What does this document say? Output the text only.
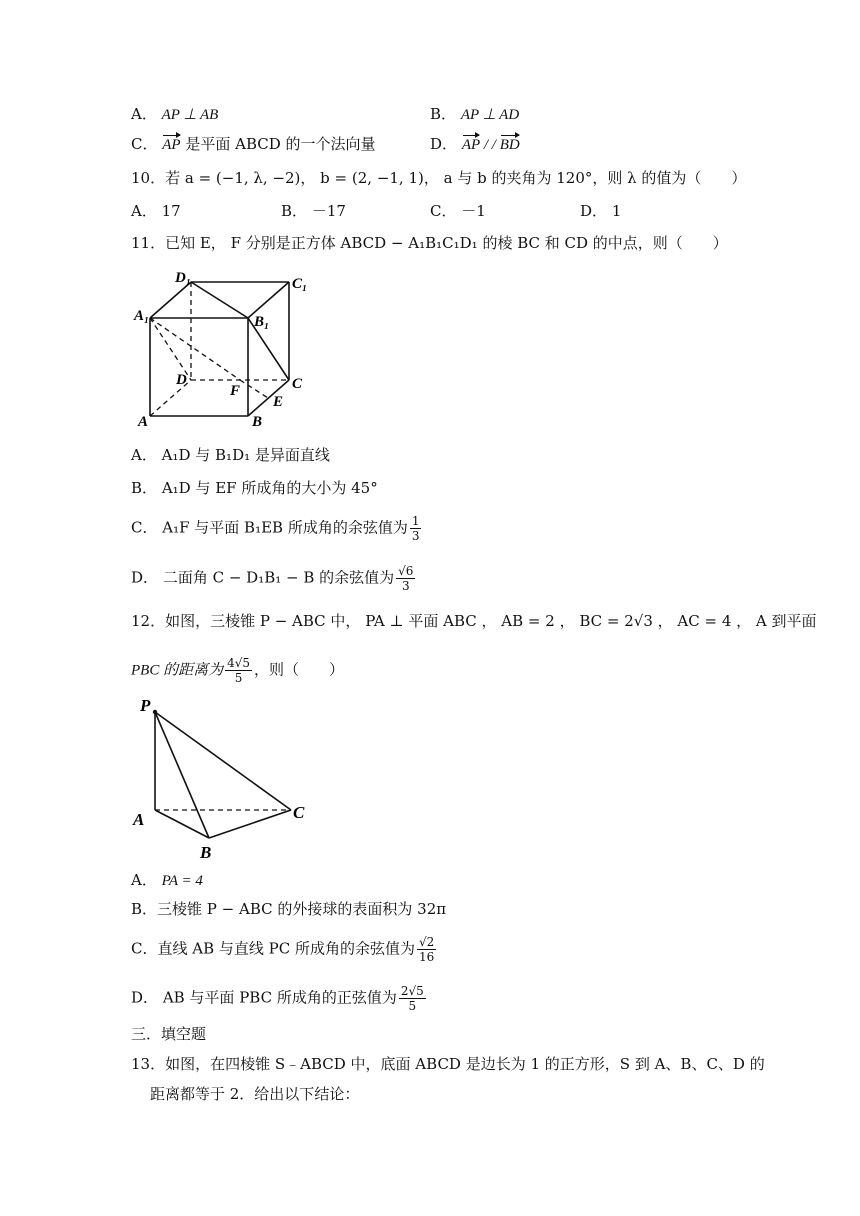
A． AP ⊥ AB	B． AP ⊥ AD
C． AP 是平面 ABCD 的一个法向量	D． AP / / BD
10．若 a = (−1, λ, −2)， b = (2, −1, 1)， a 与 b 的夹角为 120°，则 λ 的值为（　　）
A． 17	B． －17	C． －1	D． 1
11．已知 E， F 分别是正方体 ABCD − A₁B₁C₁D₁ 的棱 BC 和 CD 的中点，则（　　）
D₁	C₁
A₁	B₁
D
F	C
E
A	B
A． A₁D 与 B₁D₁ 是异面直线
B． A₁D 与 EF 所成角的大小为 45°
C． A₁F 与平面 B₁EB 所成角的余弦值为 $\frac{1}{3}$
D． 二面角 C − D₁B₁ − B 的余弦值为 $\frac{√6}{3}$
12．如图，三棱锥 P − ABC 中， PA ⊥ 平面 ABC ， AB = 2 ， BC = 2√3 ， AC = 4 ， A 到平面
PBC 的距离为 $\frac{4√5}{5}$ ，则（　　）
P
A
B
C
A． PA = 4
B．三棱锥 P − ABC 的外接球的表面积为 32π
C．直线 AB 与直线 PC 所成角的余弦值为 $\frac{√2}{16}$
D． AB 与平面 PBC 所成角的正弦值为 $\frac{2√5}{5}$
三．填空题
13．如图，在四棱锥 S﹣ABCD 中，底面 ABCD 是边长为 1 的正方形，S 到 A、B、C、D 的
距离都等于 2．给出以下结论：
